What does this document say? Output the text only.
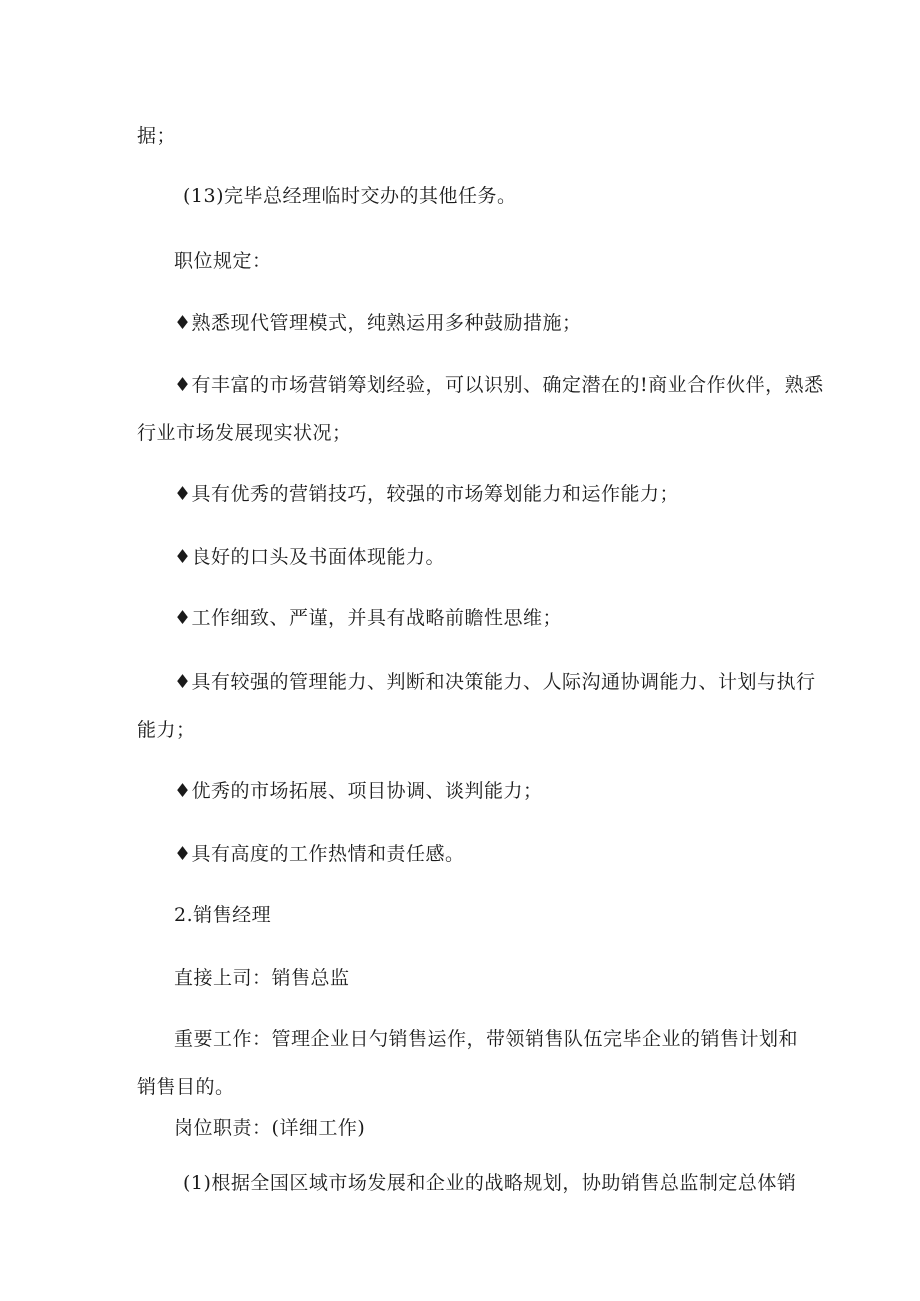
据；
(13)完毕总经理临时交办的其他任务。
职位规定：
♦熟悉现代管理模式，纯熟运用多种鼓励措施；
♦有丰富的市场营销筹划经验，可以识别、确定潜在的!商业合作伙伴，熟悉
行业市场发展现实状况；
♦具有优秀的营销技巧，较强的市场筹划能力和运作能力；
♦良好的口头及书面体现能力。
♦工作细致、严谨，并具有战略前瞻性思维；
♦具有较强的管理能力、判断和决策能力、人际沟通协调能力、计划与执行
能力；
♦优秀的市场拓展、项目协调、谈判能力；
♦具有高度的工作热情和责任感。
2.销售经理
直接上司：销售总监
重要工作：管理企业日勺销售运作，带领销售队伍完毕企业的销售计划和
销售目的。
岗位职责：(详细工作)
(1)根据全国区域市场发展和企业的战略规划，协助销售总监制定总体销
